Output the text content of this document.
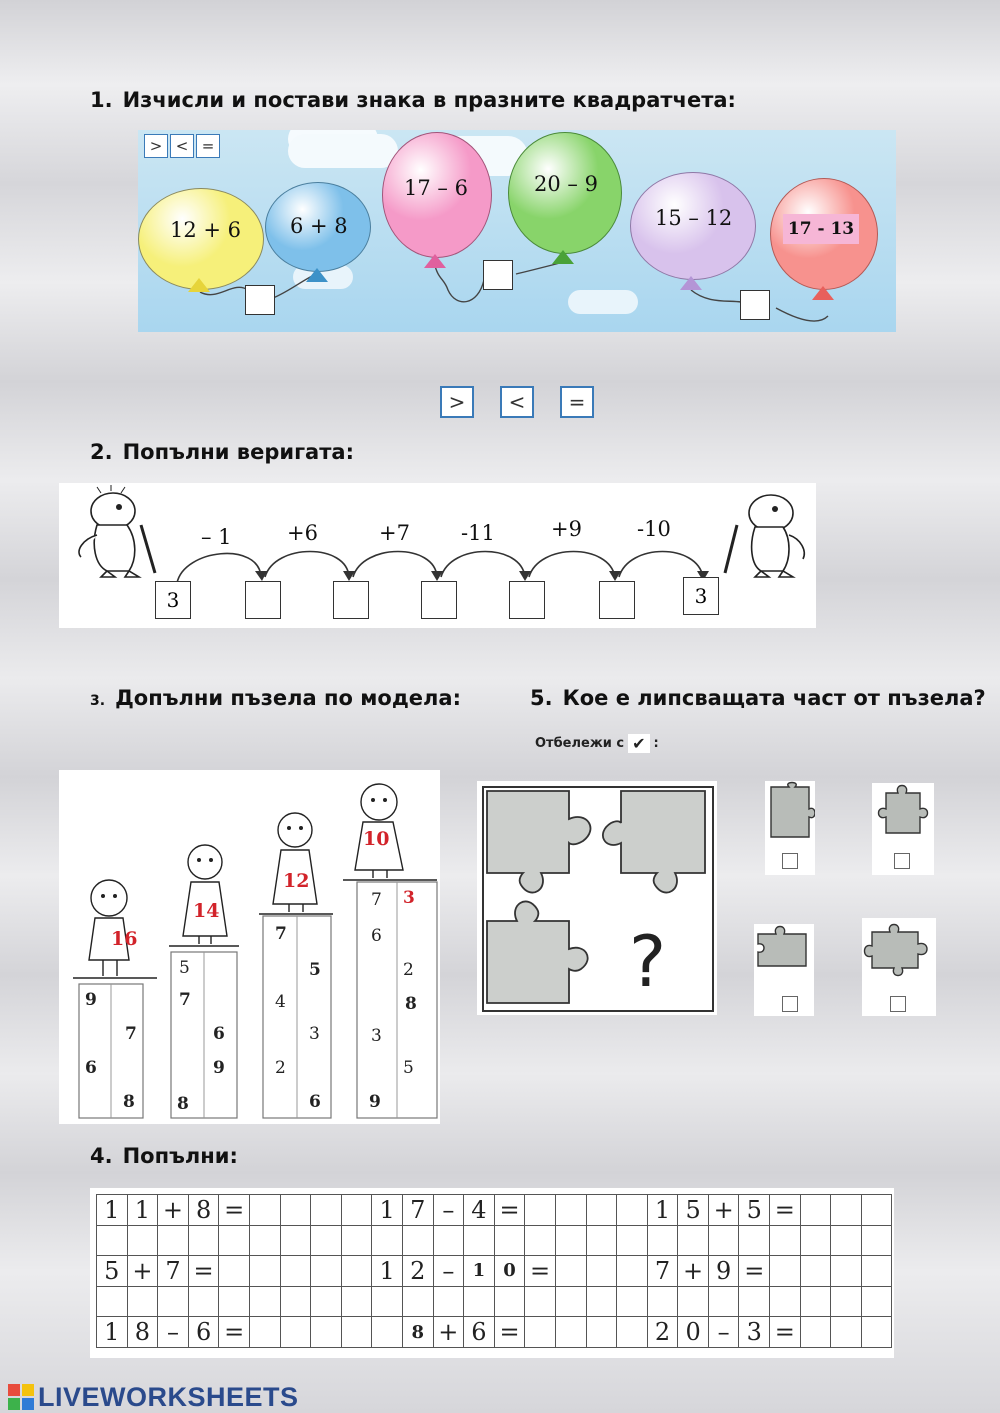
1. Изчисли и постави знака в празните квадратчета:
> < =
12 + 6 6 + 8
17 – 6	20 – 9
15 – 12	17 - 13
>	<	=
2. Попълни веригата:
– 1	+6	+7 -11	+9	-10
3	3
3. Допълни пъзела по модела:	5. Кое е липсващата част от пъзела?
Отбележи с ✔ :
16
14
12
10
9
7
6
8
5
7
6
9
8
7
5
4
3
2
6
7 3
6
2
8
3
5
9
?
4. Попълни:
1	1	+	8	=					1	7	–	4	=					1	5	+	5	=			

5	+	7	=						1	2	–	1	0	=				7	+	9	=				

1	8	–	6	=						8	+	6	=					2	0	–	3	=			
LIVEWORKSHEETS
